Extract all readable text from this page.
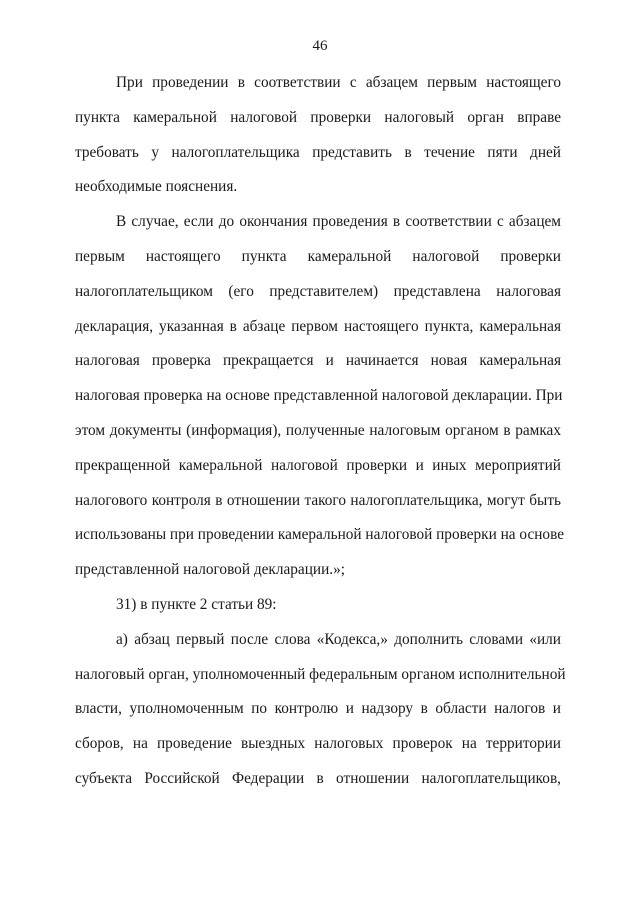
46
При проведении в соответствии с абзацем первым настоящего
пункта камеральной налоговой проверки налоговый орган вправе
требовать у налогоплательщика представить в течение пяти дней
необходимые пояснения.
В случае, если до окончания проведения в соответствии с абзацем
первым настоящего пункта камеральной налоговой проверки
налогоплательщиком (его представителем) представлена налоговая
декларация, указанная в абзаце первом настоящего пункта, камеральная
налоговая проверка прекращается и начинается новая камеральная
налоговая проверка на основе представленной налоговой декларации. При
этом документы (информация), полученные налоговым органом в рамках
прекращенной камеральной налоговой проверки и иных мероприятий
налогового контроля в отношении такого налогоплательщика, могут быть
использованы при проведении камеральной налоговой проверки на основе
представленной налоговой декларации.»;
31) в пункте 2 статьи 89:
а) абзац первый после слова «Кодекса,» дополнить словами «или
налоговый орган, уполномоченный федеральным органом исполнительной
власти, уполномоченным по контролю и надзору в области налогов и
сборов, на проведение выездных налоговых проверок на территории
субъекта Российской Федерации в отношении налогоплательщиков,
